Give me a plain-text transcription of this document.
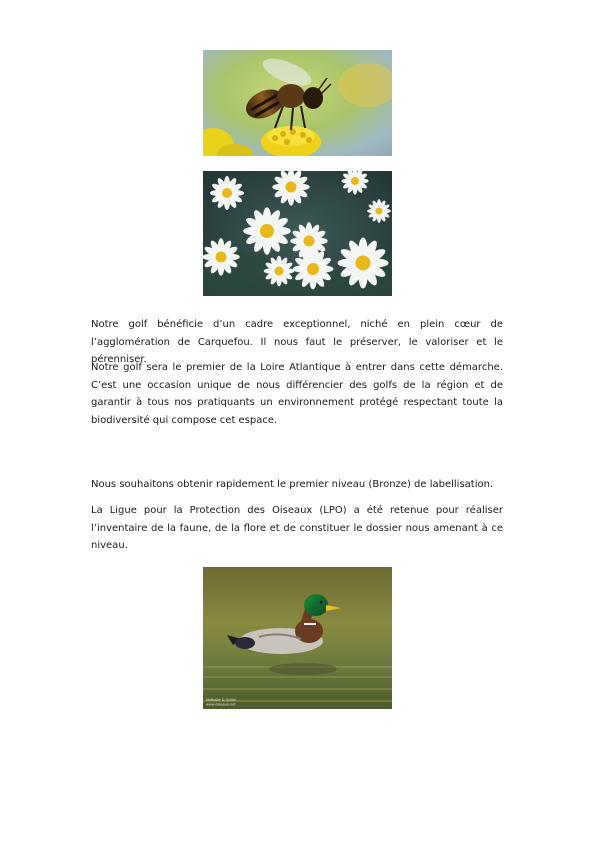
Notre golf bénéficie d’un cadre exceptionnel, niché en plein cœur de l’agglomération de Carquefou. Il nous faut le préserver, le valoriser et le pérenniser.

Notre golf sera le premier de la Loire Atlantique à entrer dans cette démarche. C’est une occasion unique de nous différencier des golfs de la région et de garantir à tous nos pratiquants un environnement protégé respectant toute la biodiversité qui compose cet espace.

Nous souhaitons obtenir rapidement le premier niveau (Bronze) de labellisation.

La Ligue pour la Protection des Oiseaux (LPO) a été retenue pour réaliser l’inventaire de la faune, de la flore et de constituer le dossier nous amenant à ce niveau.

Nathalie & Quillo
www.oiseaux.net
